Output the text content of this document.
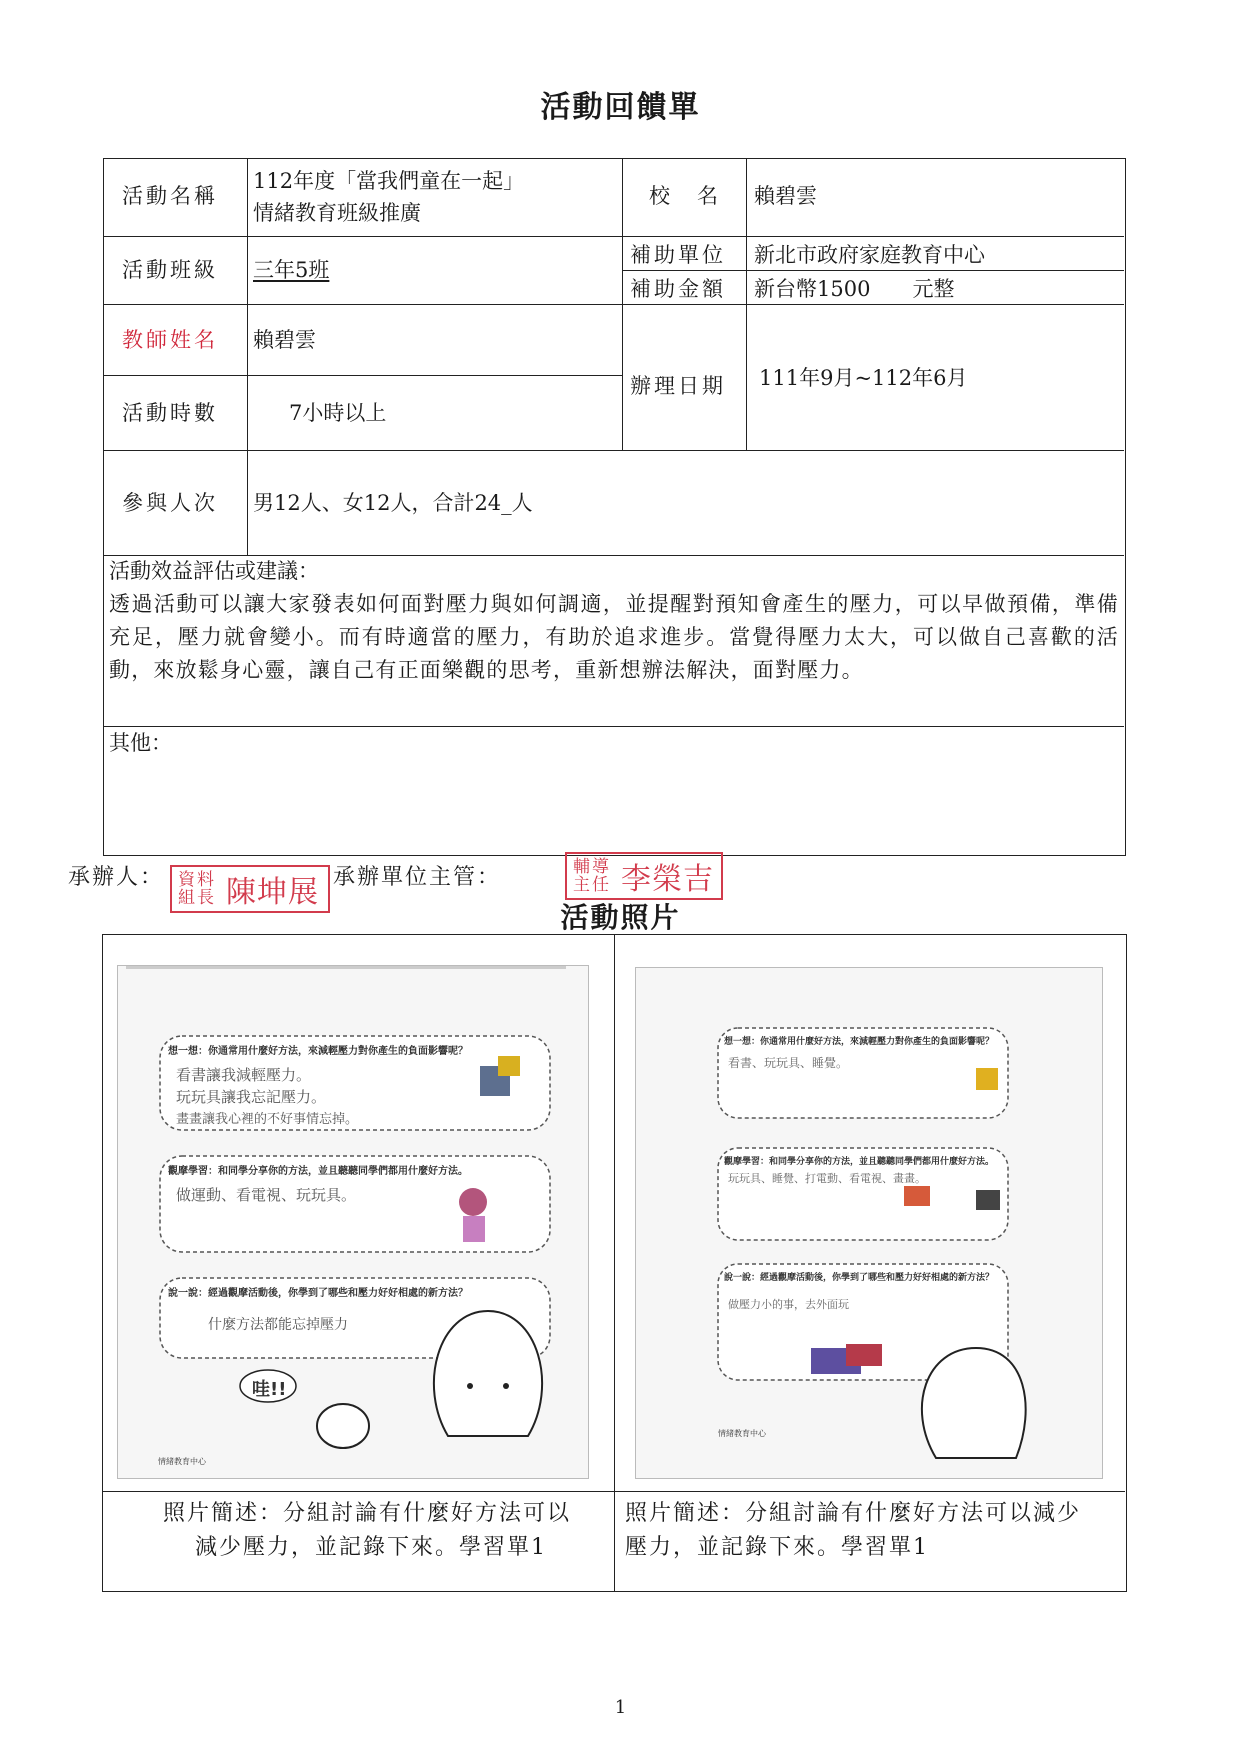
活動回饋單
活動名稱
112年度「當我們童在一起」
情緒教育班級推廣
校　名 賴碧雲
活動班級 三年5班
補助單位 新北市政府家庭教育中心
補助金額 新台幣1500　　元整
教師姓名 賴碧雲
活動時數	7小時以上
辦理日期 111年9月~112年6月
參與人次 男12人、女12人，合計24_人
活動效益評估或建議：
透過活動可以讓大家發表如何面對壓力與如何調適，並提醒對預知會產生的壓力，可以早做預備，準備充足，壓力就會變小。而有時適當的壓力，有助於追求進步。當覺得壓力太大，可以做自己喜歡的活動，來放鬆身心靈，讓自己有正面樂觀的思考，重新想辦法解決，面對壓力。
其他：
承辦人： 資料組長 陳坤展 承辦單位主管：	輔導主任 李榮吉
活動照片
想一想：你通常用什麼好方法，來減輕壓力對你產生的負面影響呢？
看書讓我減輕壓力。
玩玩具讓我忘記壓力。
畫畫讓我心裡的不好事情忘掉。
觀摩學習：和同學分享你的方法，並且聽聽同學們都用什麼好方法。
做運動、看電視、玩玩具。
說一說：經過觀摩活動後，你學到了哪些和壓力好好相處的新方法？
什麼方法都能忘掉壓力
哇!!
情緒教育中心
想一想：你通常用什麼好方法，來減輕壓力對你產生的負面影響呢？
看書、玩玩具、睡覺。
觀摩學習：和同學分享你的方法，並且聽聽同學們都用什麼好方法。
玩玩具、睡覺、打電動、看電視、畫畫。
說一說：經過觀摩活動後，你學到了哪些和壓力好好相處的新方法？
做壓力小的事，去外面玩
情緒教育中心
照片簡述：分組討論有什麼好方法可以
減少壓力，並記錄下來。學習單1
照片簡述：分組討論有什麼好方法可以減少
壓力，並記錄下來。學習單1
1
